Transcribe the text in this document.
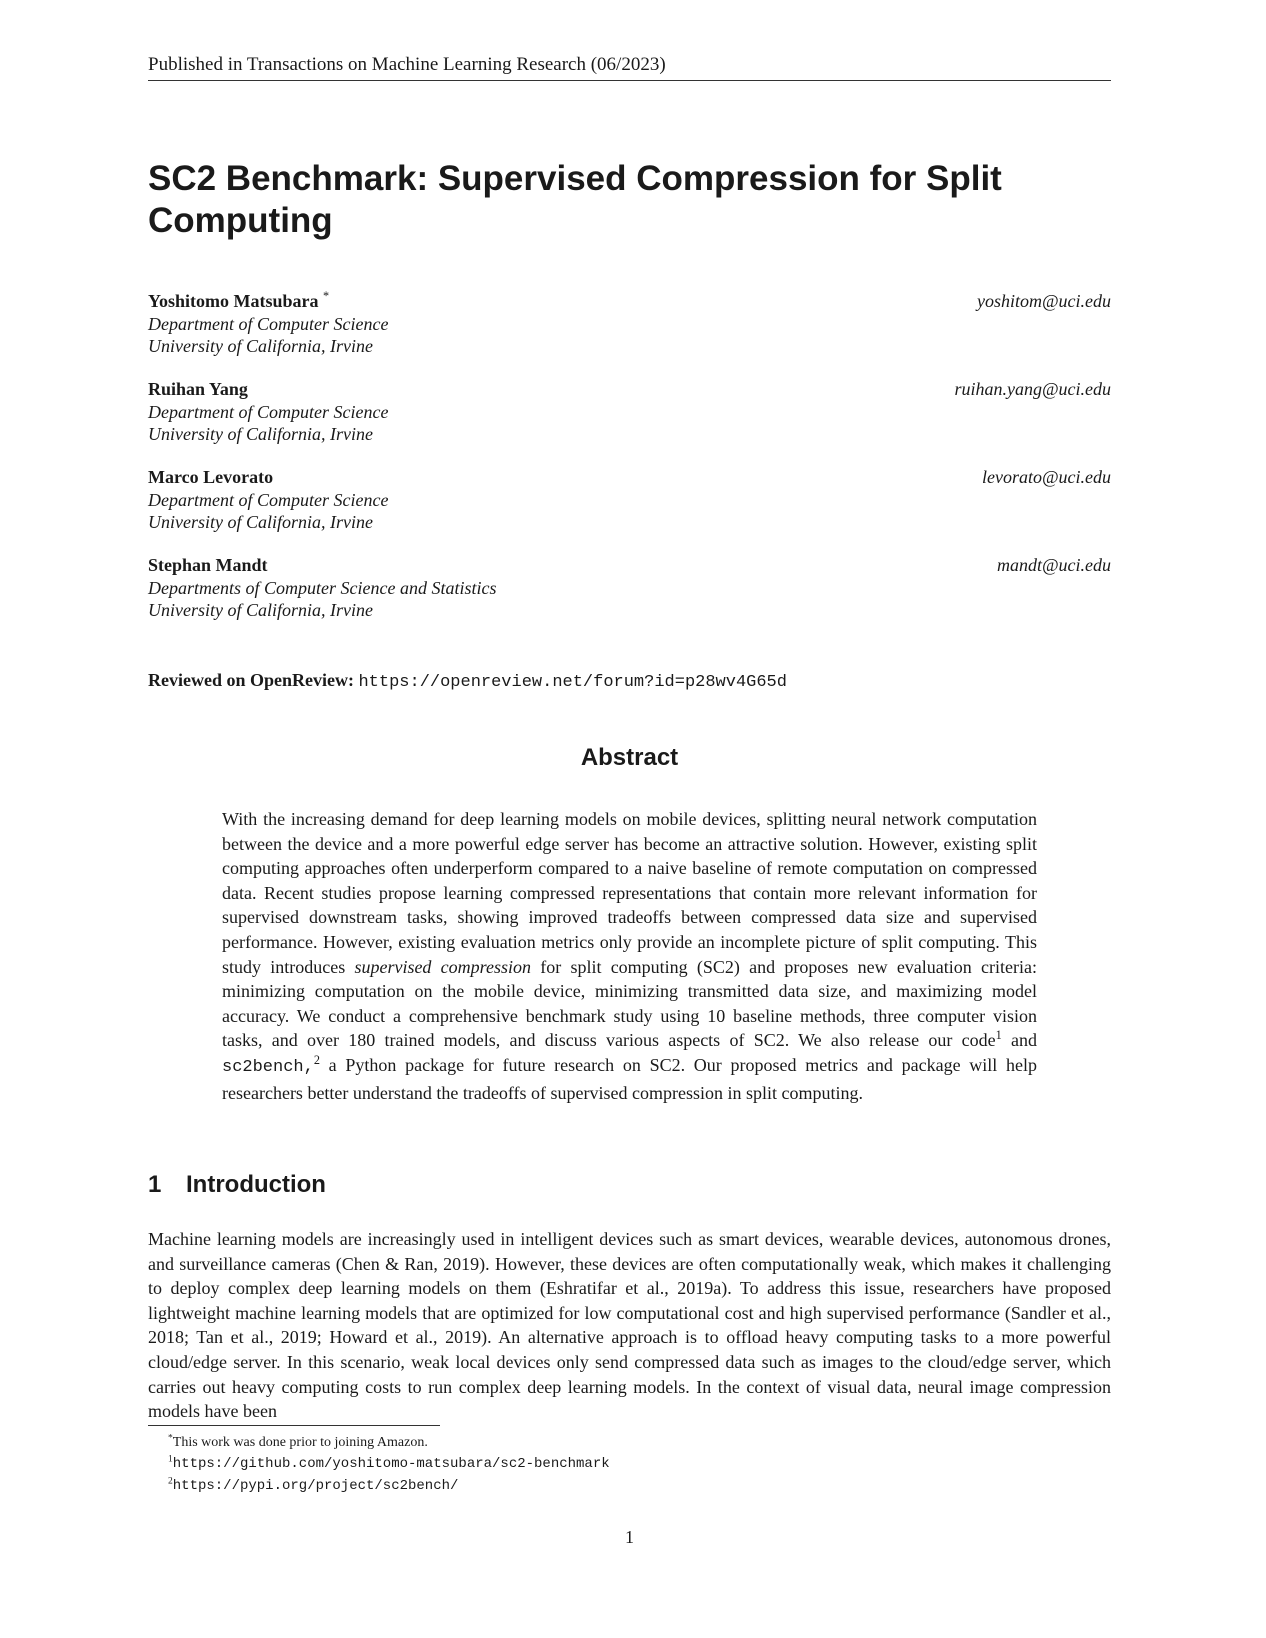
Published in Transactions on Machine Learning Research (06/2023)
SC2 Benchmark: Supervised Compression for Split Computing
Yoshitomo Matsubara *
Department of Computer Science
University of California, Irvine
yoshitom@uci.edu
Ruihan Yang
Department of Computer Science
University of California, Irvine
ruihan.yang@uci.edu
Marco Levorato
Department of Computer Science
University of California, Irvine
levorato@uci.edu
Stephan Mandt
Departments of Computer Science and Statistics
University of California, Irvine
mandt@uci.edu
Reviewed on OpenReview: https://openreview.net/forum?id=p28wv4G65d
Abstract

With the increasing demand for deep learning models on mobile devices, splitting neural network computation between the device and a more powerful edge server has become an attractive solution. However, existing split computing approaches often underperform compared to a naive baseline of remote computation on compressed data. Recent studies propose learning compressed representations that contain more relevant information for supervised downstream tasks, showing improved tradeoffs between compressed data size and supervised performance. However, existing evaluation metrics only provide an incomplete picture of split computing. This study introduces supervised compression for split computing (SC2) and proposes new evaluation criteria: minimizing computation on the mobile device, minimizing transmitted data size, and maximizing model accuracy. We conduct a comprehensive benchmark study using 10 baseline methods, three computer vision tasks, and over 180 trained models, and discuss various aspects of SC2. We also release our code$^1$ and sc2bench,$^2$ a Python package for future research on SC2. Our proposed metrics and package will help researchers better understand the tradeoffs of supervised compression in split computing.

1 Introduction

Machine learning models are increasingly used in intelligent devices such as smart devices, wearable devices, autonomous drones, and surveillance cameras (Chen & Ran, 2019). However, these devices are often computationally weak, which makes it challenging to deploy complex deep learning models on them (Eshratifar et al., 2019a). To address this issue, researchers have proposed lightweight machine learning models that are optimized for low computational cost and high supervised performance (Sandler et al., 2018; Tan et al., 2019; Howard et al., 2019). An alternative approach is to offload heavy computing tasks to a more powerful cloud/edge server. In this scenario, weak local devices only send compressed data such as images to the cloud/edge server, which carries out heavy computing costs to run complex deep learning models. In the context of visual data, neural image compression models have been

*This work was done prior to joining Amazon.
$^1$https://github.com/yoshitomo-matsubara/sc2-benchmark
$^2$https://pypi.org/project/sc2bench/
1
